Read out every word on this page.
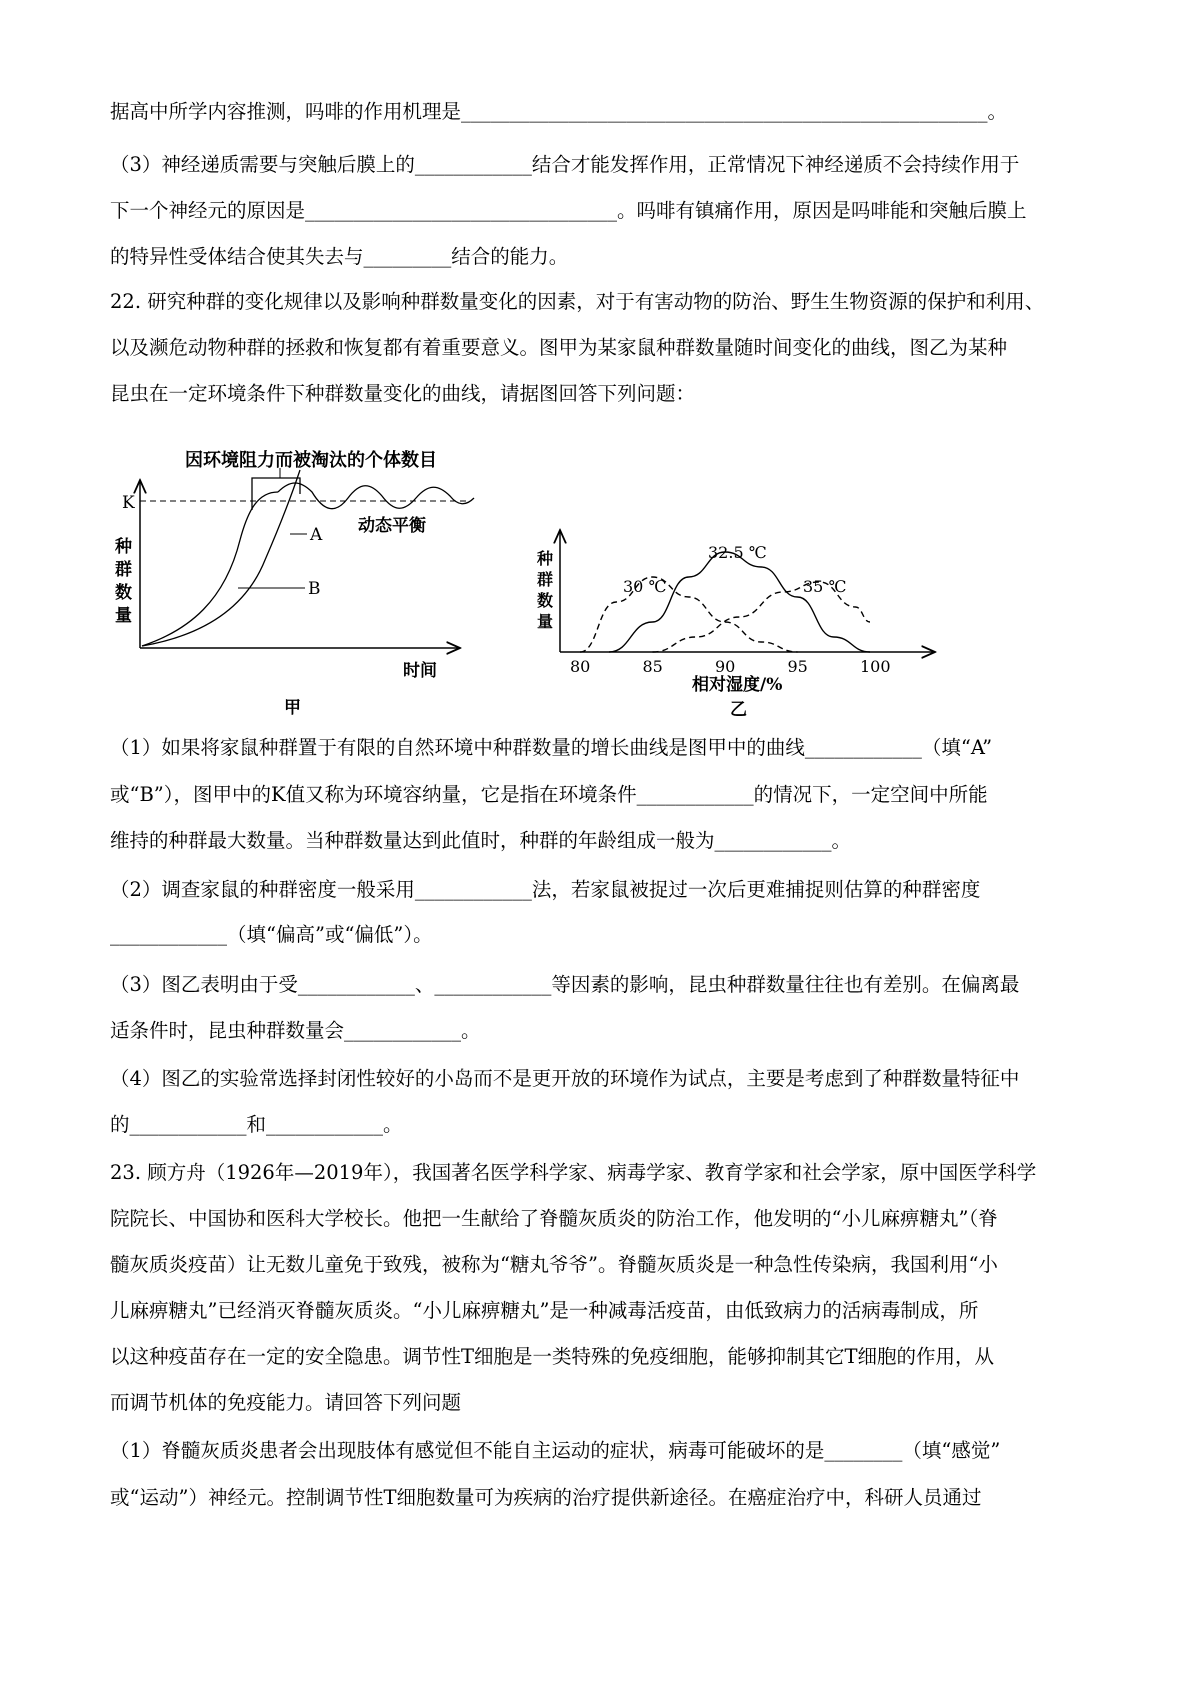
据高中所学内容推测，吗啡的作用机理是______________________________________________________。
（3）神经递质需要与突触后膜上的____________结合才能发挥作用，正常情况下神经递质不会持续作用于
下一个神经元的原因是________________________________。吗啡有镇痛作用，原因是吗啡能和突触后膜上
的特异性受体结合使其失去与_________结合的能力。
22. 研究种群的变化规律以及影响种群数量变化的因素，对于有害动物的防治、野生生物资源的保护和利用、
以及濒危动物种群的拯救和恢复都有着重要意义。图甲为某家鼠种群数量随时间变化的曲线，图乙为某种
昆虫在一定环境条件下种群数量变化的曲线，请据图回答下列问题：
（1）如果将家鼠种群置于有限的自然环境中种群数量的增长曲线是图甲中的曲线____________（填“A”
或“B”），图甲中的K值又称为环境容纳量，它是指在环境条件____________的情况下，一定空间中所能
维持的种群最大数量。当种群数量达到此值时，种群的年龄组成一般为____________。
（2）调查家鼠的种群密度一般采用____________法，若家鼠被捉过一次后更难捕捉则估算的种群密度
____________（填“偏高”或“偏低”）。
（3）图乙表明由于受____________、____________等因素的影响，昆虫种群数量往往也有差别。在偏离最
适条件时，昆虫种群数量会____________。
（4）图乙的实验常选择封闭性较好的小岛而不是更开放的环境作为试点，主要是考虑到了种群数量特征中
的____________和____________。
23. 顾方舟（1926年—2019年），我国著名医学科学家、病毒学家、教育学家和社会学家，原中国医学科学
院院长、中国协和医科大学校长。他把一生献给了脊髓灰质炎的防治工作，他发明的“小儿麻痹糖丸”（脊
髓灰质炎疫苗）让无数儿童免于致残，被称为“糖丸爷爷”。脊髓灰质炎是一种急性传染病，我国利用“小
儿麻痹糖丸”已经消灭脊髓灰质炎。“小儿麻痹糖丸”是一种减毒活疫苗，由低致病力的活病毒制成，所
以这种疫苗存在一定的安全隐患。调节性T细胞是一类特殊的免疫细胞，能够抑制其它T细胞的作用，从
而调节机体的免疫能力。请回答下列问题
（1）脊髓灰质炎患者会出现肢体有感觉但不能自主运动的症状，病毒可能破坏的是________（填“感觉”
或“运动”）神经元。控制调节性T细胞数量可为疾病的治疗提供新途径。在癌症治疗中，科研人员通过
K
因环境阻力而被淘汰的个体数目
A
B
动态平衡
种
群
数
量
时间
甲
30 ℃
32.5 ℃
35 ℃
80	85	90	95	100
种
群
数
量
相对湿度/%
乙
